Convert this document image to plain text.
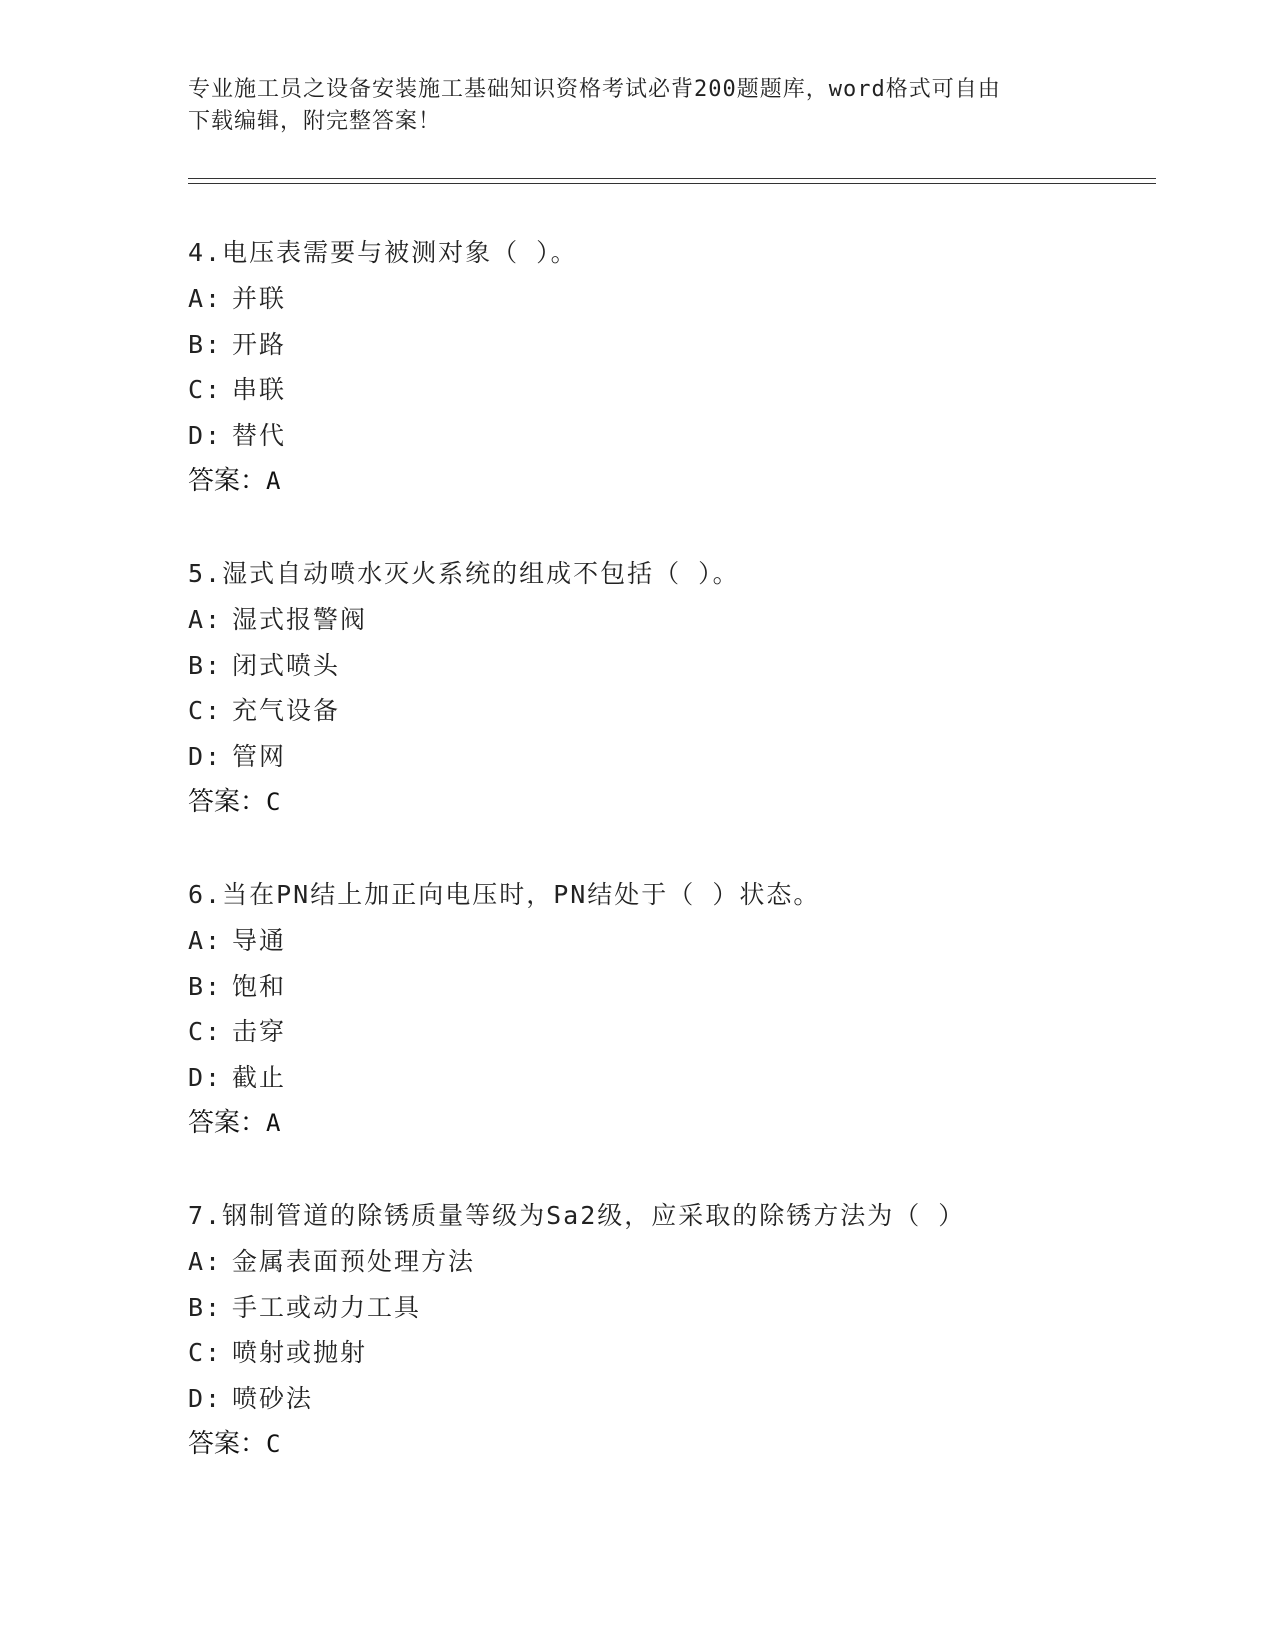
专业施工员之设备安装施工基础知识资格考试必背200题题库，word格式可自由
下载编辑，附完整答案！
4.电压表需要与被测对象（ ）。
A: 并联
B: 开路
C: 串联
D: 替代
答案：A
5.湿式自动喷水灭火系统的组成不包括（ ）。
A: 湿式报警阀
B: 闭式喷头
C: 充气设备
D: 管网
答案：C
6.当在PN结上加正向电压时，PN结处于（ ）状态。
A: 导通
B: 饱和
C: 击穿
D: 截止
答案：A
7.钢制管道的除锈质量等级为Sa2级，应采取的除锈方法为（ ）
A: 金属表面预处理方法
B: 手工或动力工具
C: 喷射或抛射
D: 喷砂法
答案：C
